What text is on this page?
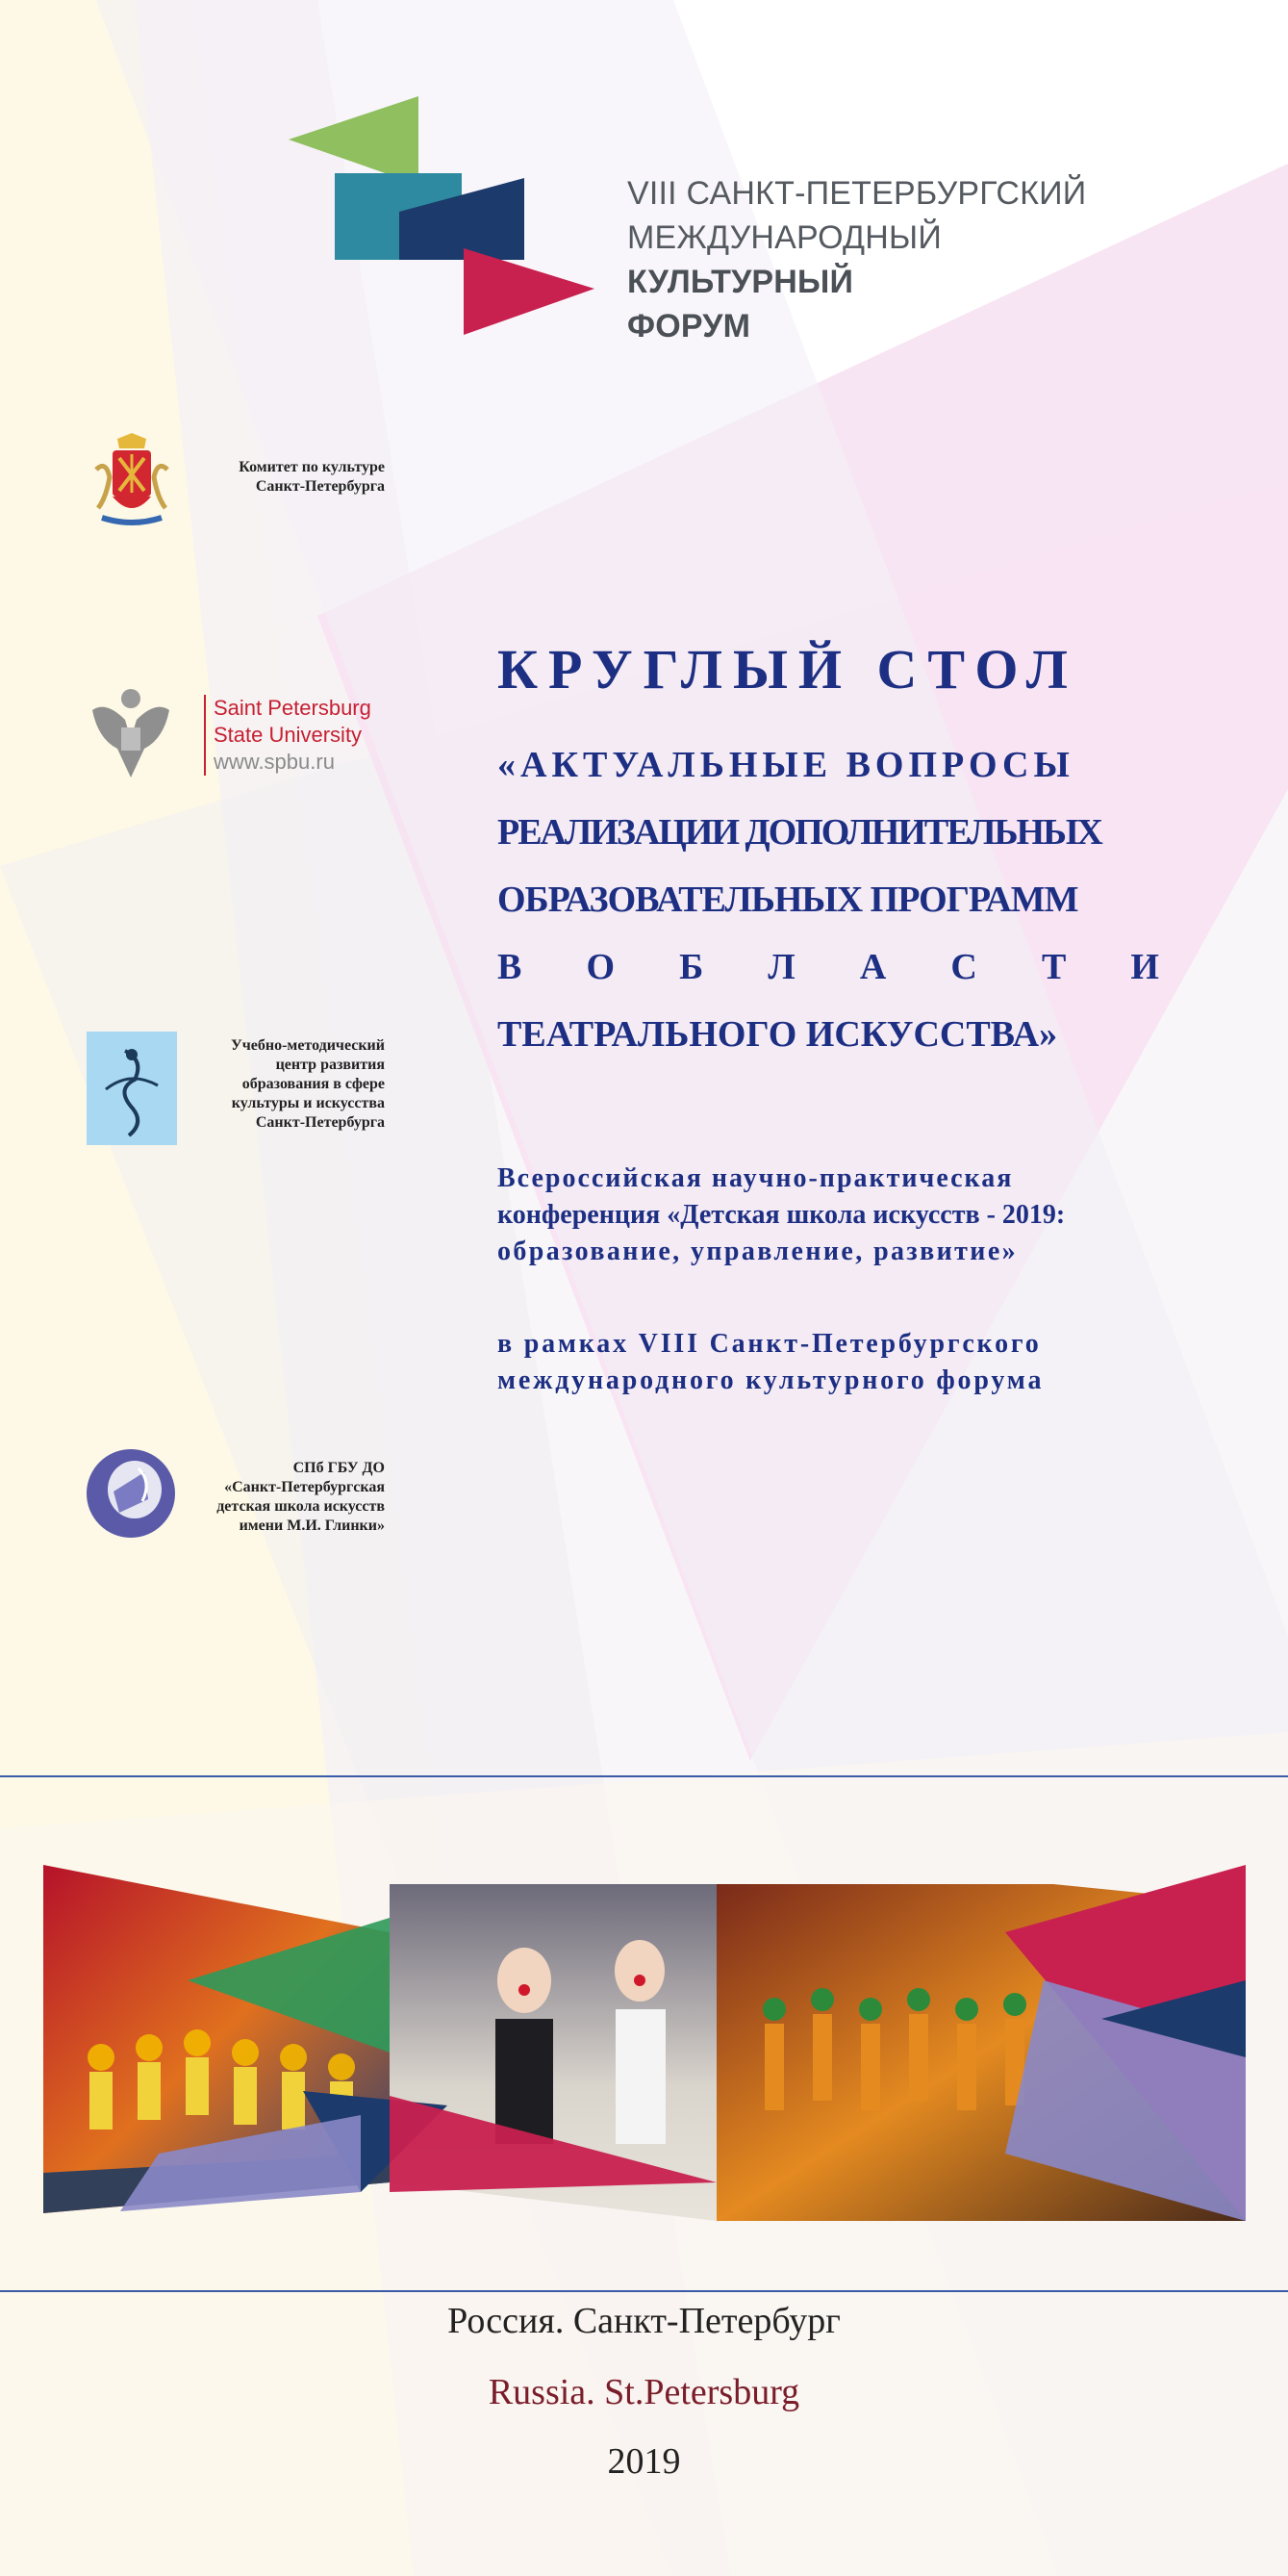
VIII САНКТ-ПЕТЕРБУРГСКИЙ
МЕЖДУНАРОДНЫЙ
КУЛЬТУРНЫЙ
ФОРУМ
Комитет по культуре
Санкт-Петербурга
Saint Petersburg
State University
www.spbu.ru
Учебно-методический
центр развития
образования в сфере
культуры и искусства
Санкт-Петербурга
СПб ГБУ ДО
«Санкт-Петербургская
детская школа искусств
имени М.И. Глинки»
КРУГЛЫЙ СТОЛ
«АКТУАЛЬНЫЕ ВОПРОСЫ
РЕАЛИЗАЦИИ ДОПОЛНИТЕЛЬНЫХ
ОБРАЗОВАТЕЛЬНЫХ ПРОГРАММ
В О Б Л А С Т И
ТЕАТРАЛЬНОГО ИСКУССТВА»
Всероссийская научно-практическая
конференция «Детская школа искусств - 2019:
образование, управление, развитие»
в рамках VIII Санкт-Петербургского
международного культурного форума
Россия. Санкт-Петербург
Russia. St.Petersburg
2019
